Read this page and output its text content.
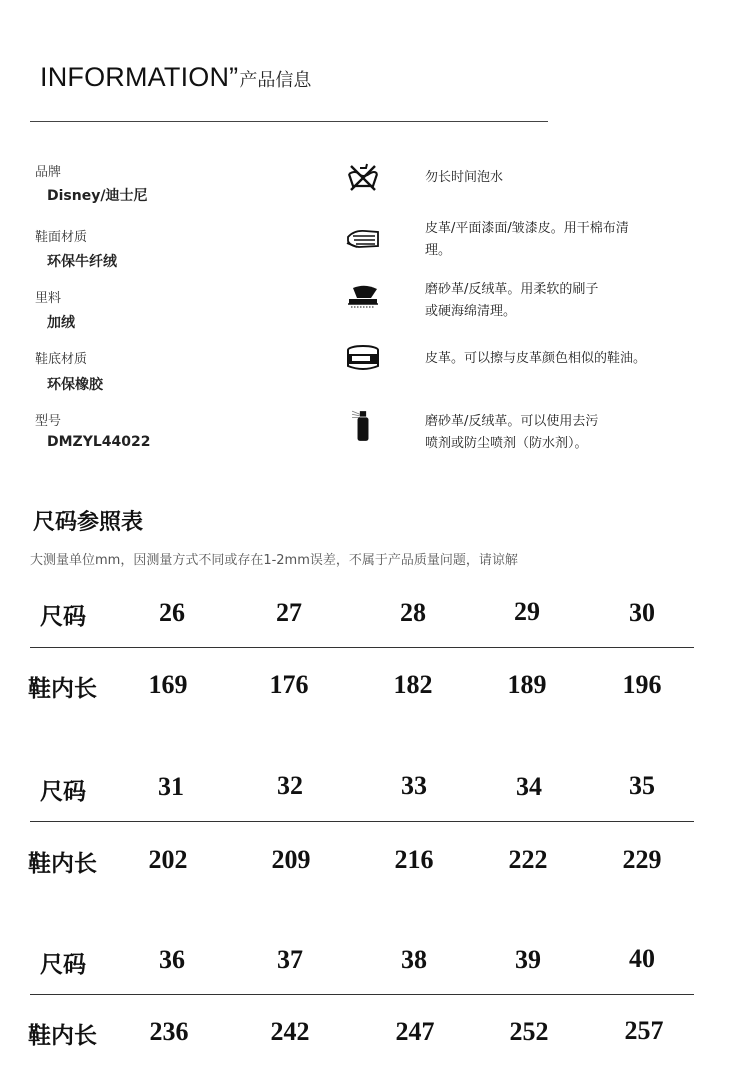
INFORMATION” 产品信息
品牌
Disney/迪士尼
鞋面材质
环保牛纤绒
里料
加绒
鞋底材质
环保橡胶
型号
DMZYL44022
勿长时间泡水
皮革/平面漆面/皱漆皮。用干棉布清
理。
磨砂革/反绒革。用柔软的刷子
或硬海绵清理。
皮革。可以擦与皮革颜色相似的鞋油。
磨砂革/反绒革。可以使用去污
喷剂或防尘喷剂（防水剂）。
尺码参照表
大测量单位mm，因测量方式不同或存在1-2mm误差，不属于产品质量问题，请谅解
尺码	26	27	28	29	30
鞋内长	169	176	182	189	196
尺码	31	32	33	34	35
鞋内长	202	209	216	222	229
尺码	36	37	38	39	40
鞋内长	236	242	247	252	257
